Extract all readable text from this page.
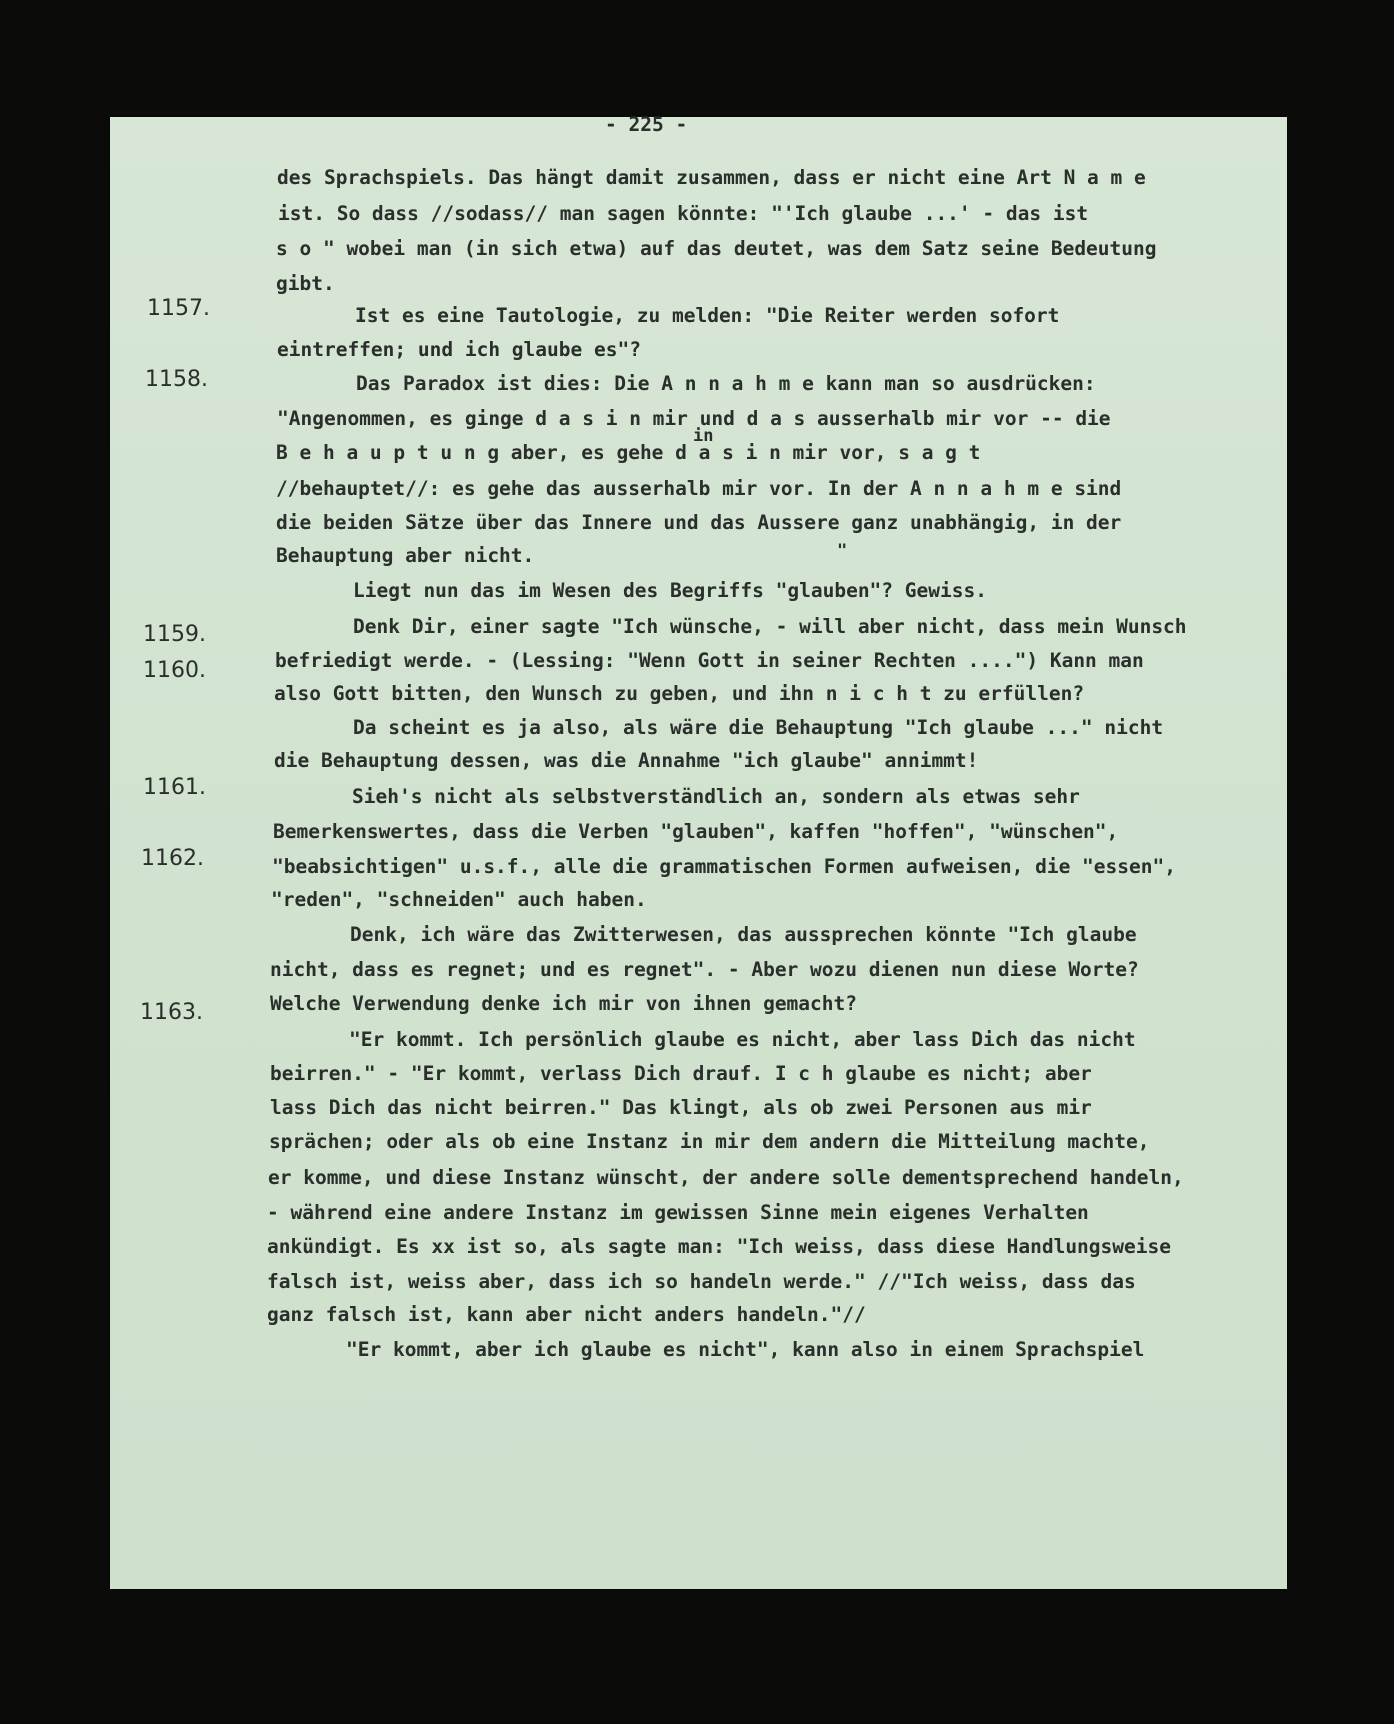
- 225 -
1157.
1158.
1159.
1160.
1161.
1162.
1163.
in
"
des Sprachspiels. Das hängt damit zusammen, dass er nicht eine Art N a m e
ist. So dass //sodass// man sagen könnte: "'Ich glaube ...' - das ist
s o " wobei man (in sich etwa) auf das deutet, was dem Satz seine Bedeutung
gibt.
Ist es eine Tautologie, zu melden: "Die Reiter werden sofort
eintreffen; und ich glaube es"?
Das Paradox ist dies: Die A n n a h m e kann man so ausdrücken:
"Angenommen, es ginge d a s i n mir und d a s ausserhalb mir vor -- die
B e h a u p t u n g aber, es gehe d a s i n mir vor, s a g t
//behauptet//: es gehe das ausserhalb mir vor. In der A n n a h m e sind
die beiden Sätze über das Innere und das Aussere ganz unabhängig, in der
Behauptung aber nicht.
Liegt nun das im Wesen des Begriffs "glauben"? Gewiss.
Denk Dir, einer sagte "Ich wünsche, - will aber nicht, dass mein Wunsch
befriedigt werde. - (Lessing: "Wenn Gott in seiner Rechten ....") Kann man
also Gott bitten, den Wunsch zu geben, und ihn n i c h t zu erfüllen?
Da scheint es ja also, als wäre die Behauptung "Ich glaube ..." nicht
die Behauptung dessen, was die Annahme "ich glaube" annimmt!
Sieh's nicht als selbstverständlich an, sondern als etwas sehr
Bemerkenswertes, dass die Verben "glauben", kaffen "hoffen", "wünschen",
"beabsichtigen" u.s.f., alle die grammatischen Formen aufweisen, die "essen",
"reden", "schneiden" auch haben.
Denk, ich wäre das Zwitterwesen, das aussprechen könnte "Ich glaube
nicht, dass es regnet; und es regnet". - Aber wozu dienen nun diese Worte?
Welche Verwendung denke ich mir von ihnen gemacht?
"Er kommt. Ich persönlich glaube es nicht, aber lass Dich das nicht
beirren." - "Er kommt, verlass Dich drauf. I c h glaube es nicht; aber
lass Dich das nicht beirren." Das klingt, als ob zwei Personen aus mir
sprächen; oder als ob eine Instanz in mir dem andern die Mitteilung machte,
er komme, und diese Instanz wünscht, der andere solle dementsprechend handeln,
- während eine andere Instanz im gewissen Sinne mein eigenes Verhalten
ankündigt. Es xx ist so, als sagte man: "Ich weiss, dass diese Handlungsweise
falsch ist, weiss aber, dass ich so handeln werde." //"Ich weiss, dass das
ganz falsch ist, kann aber nicht anders handeln."//
"Er kommt, aber ich glaube es nicht", kann also in einem Sprachspiel
